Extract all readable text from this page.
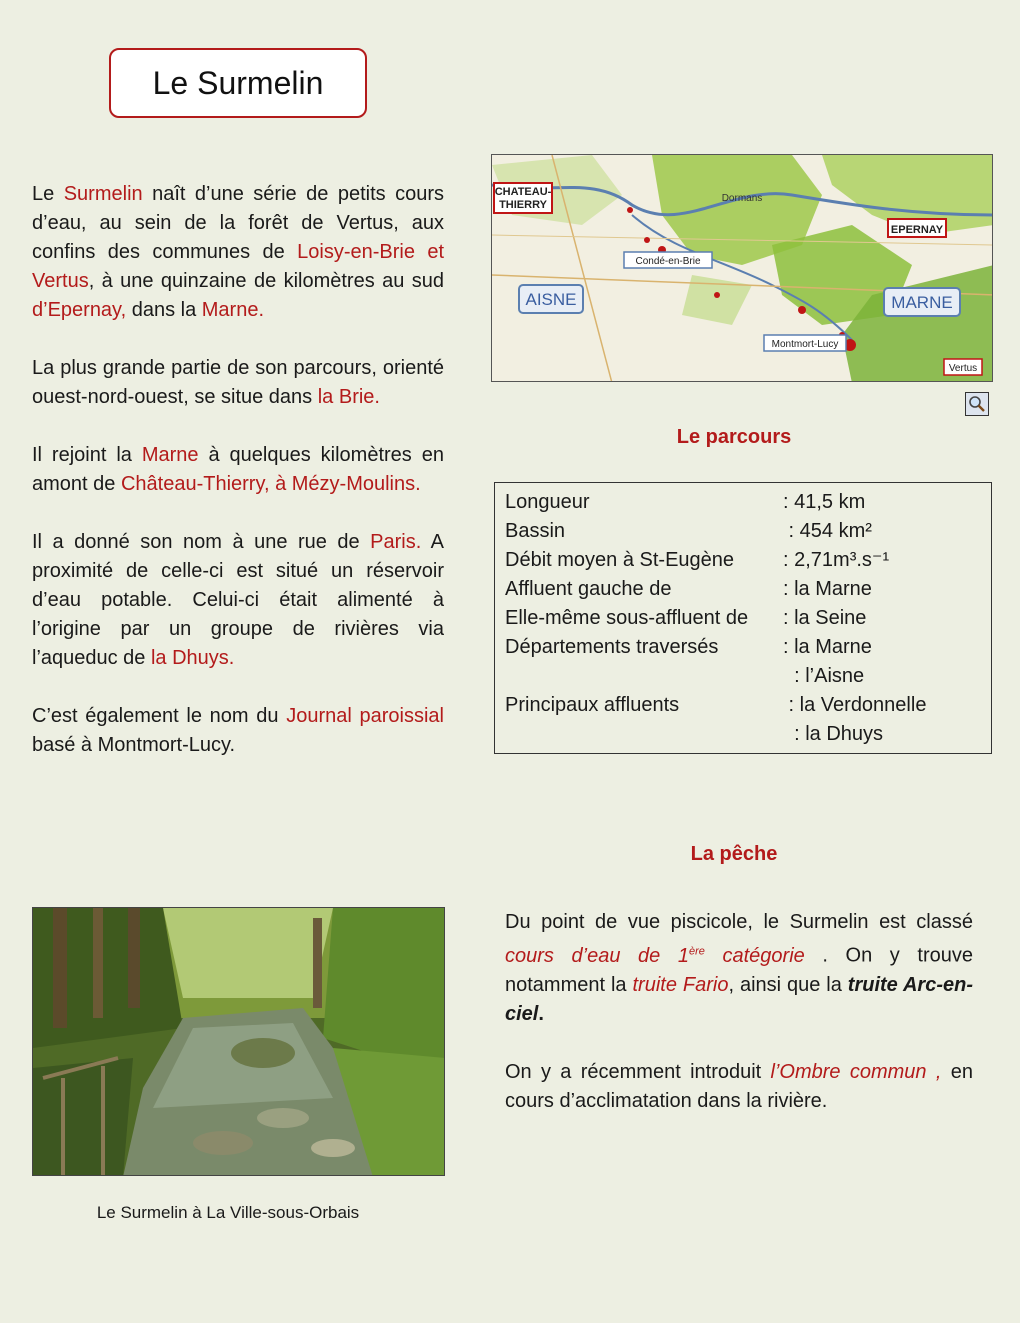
Le Surmelin

Le Surmelin naît d’une série de petits cours d’eau, au sein de la forêt de Vertus, aux confins des communes de Loisy-en-Brie et Vertus, à une quinzaine de kilomètres au sud d’Epernay, dans la Marne.

La plus grande partie de son parcours, orienté ouest-nord-ouest, se situe dans la Brie.

Il rejoint la Marne à quelques kilomètres en amont de Château-Thierry, à Mézy-Moulins.

Il a donné son nom à une rue de Paris. A proximité de celle-ci est situé un réservoir d’eau potable. Celui-ci était alimenté à l’origine par un groupe de rivières via l’aqueduc de la Dhuys.

C’est également le nom du Journal paroissial basé à Montmort-Lucy.

CHATEAU-
THIERRY
AISNE	MARNE
EPERNAY
Condé-en-Brie
Montmort-Lucy
Vertus
Dormans
Le parcours
Longueur	: 41,5 km
Bassin	: 454 km²
Débit moyen à St-Eugène	: 2,71m³.s⁻¹
Affluent gauche de	: la Marne
Elle-même sous-affluent de	: la Seine
Départements traversés	: la Marne
: l’Aisne
Principaux affluents	: la Verdonnelle
: la Dhuys
La pêche

Du point de vue piscicole, le Surmelin est classé cours d’eau de 1ère catégorie . On y trouve notamment la truite Fario, ainsi que la truite Arc-en-ciel.

On y a récemment introduit l’Ombre commun , en cours d’acclimatation dans la rivière.

Le Surmelin à La Ville-sous-Orbais
